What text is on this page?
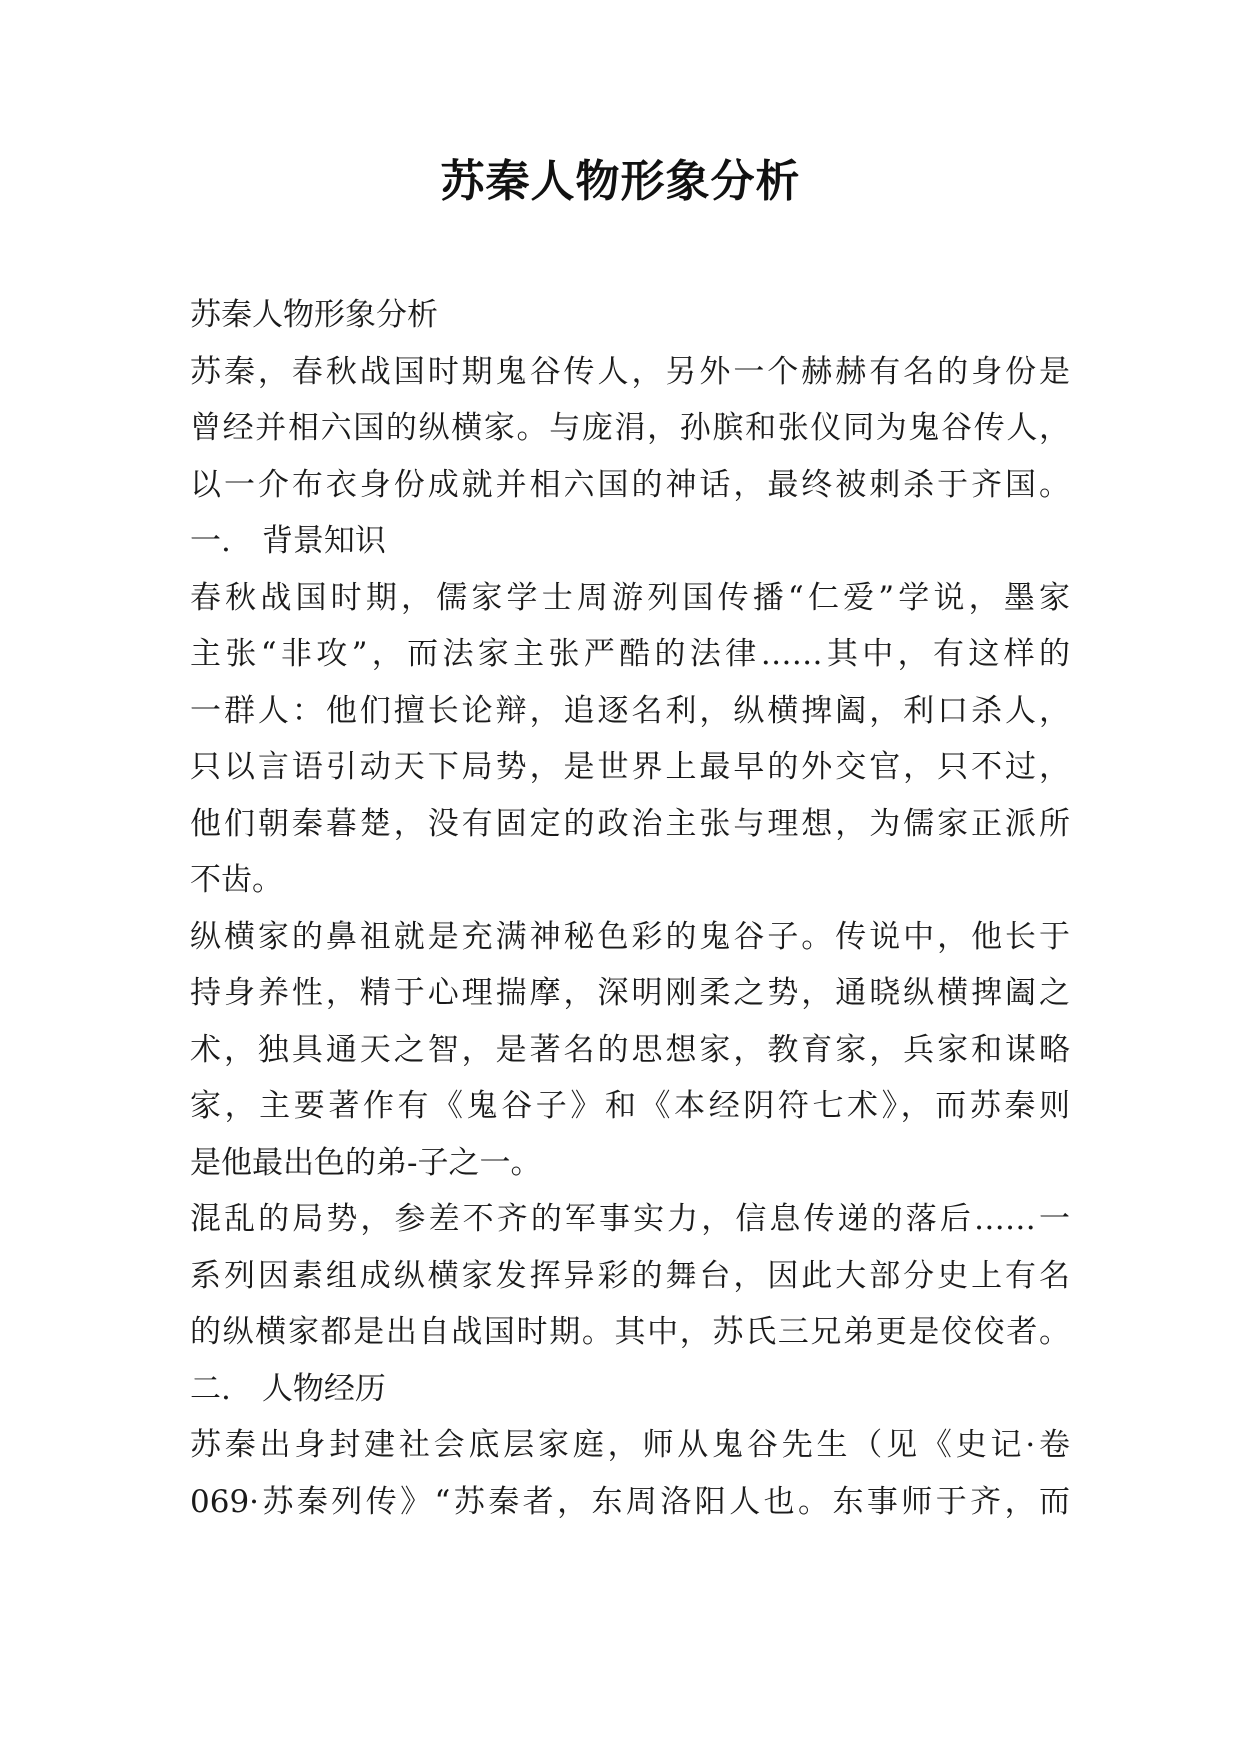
苏秦人物形象分析
苏秦人物形象分析
苏秦，春秋战国时期鬼谷传人，另外一个赫赫有名的身份是
曾经并相六国的纵横家。与庞涓，孙膑和张仪同为鬼谷传人，
以一介布衣身份成就并相六国的神话，最终被刺杀于齐国。
一.　背景知识
春秋战国时期，儒家学士周游列国传播“仁爱”学说，墨家
主张“非攻”，而法家主张严酷的法律……其中，有这样的
一群人：他们擅长论辩，追逐名利，纵横捭阖，利口杀人，
只以言语引动天下局势，是世界上最早的外交官，只不过，
他们朝秦暮楚，没有固定的政治主张与理想，为儒家正派所
不齿。
纵横家的鼻祖就是充满神秘色彩的鬼谷子。传说中，他长于
持身养性，精于心理揣摩，深明刚柔之势，通晓纵横捭阖之
术，独具通天之智，是著名的思想家，教育家，兵家和谋略
家，主要著作有《鬼谷子》和《本经阴符七术》，而苏秦则
是他最出色的弟-子之一。
混乱的局势，参差不齐的军事实力，信息传递的落后……一
系列因素组成纵横家发挥异彩的舞台，因此大部分史上有名
的纵横家都是出自战国时期。其中，苏氏三兄弟更是佼佼者。
二.　人物经历
苏秦出身封建社会底层家庭，师从鬼谷先生（见《史记·卷
069·苏秦列传》“苏秦者，东周洛阳人也。东事师于齐，而
